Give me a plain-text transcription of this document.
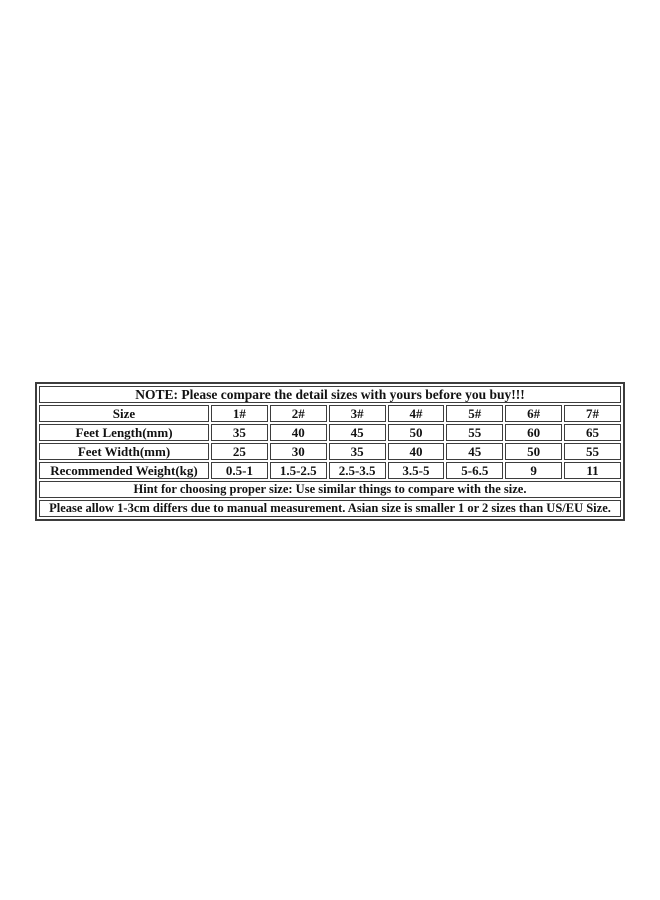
NOTE: Please compare the detail sizes with yours before you buy!!!							
Size	1#	2#	3#	4#	5#	6#	7#
Feet Length(mm)	35	40	45	50	55	60	65
Feet Width(mm)	25	30	35	40	45	50	55
Recommended Weight(kg)	0.5-1	1.5-2.5	2.5-3.5	3.5-5	5-6.5	9	11
Hint for choosing proper size: Use similar things to compare with the size.							
Please allow 1-3cm differs due to manual measurement. Asian size is smaller 1 or 2 sizes than US/EU Size.							
